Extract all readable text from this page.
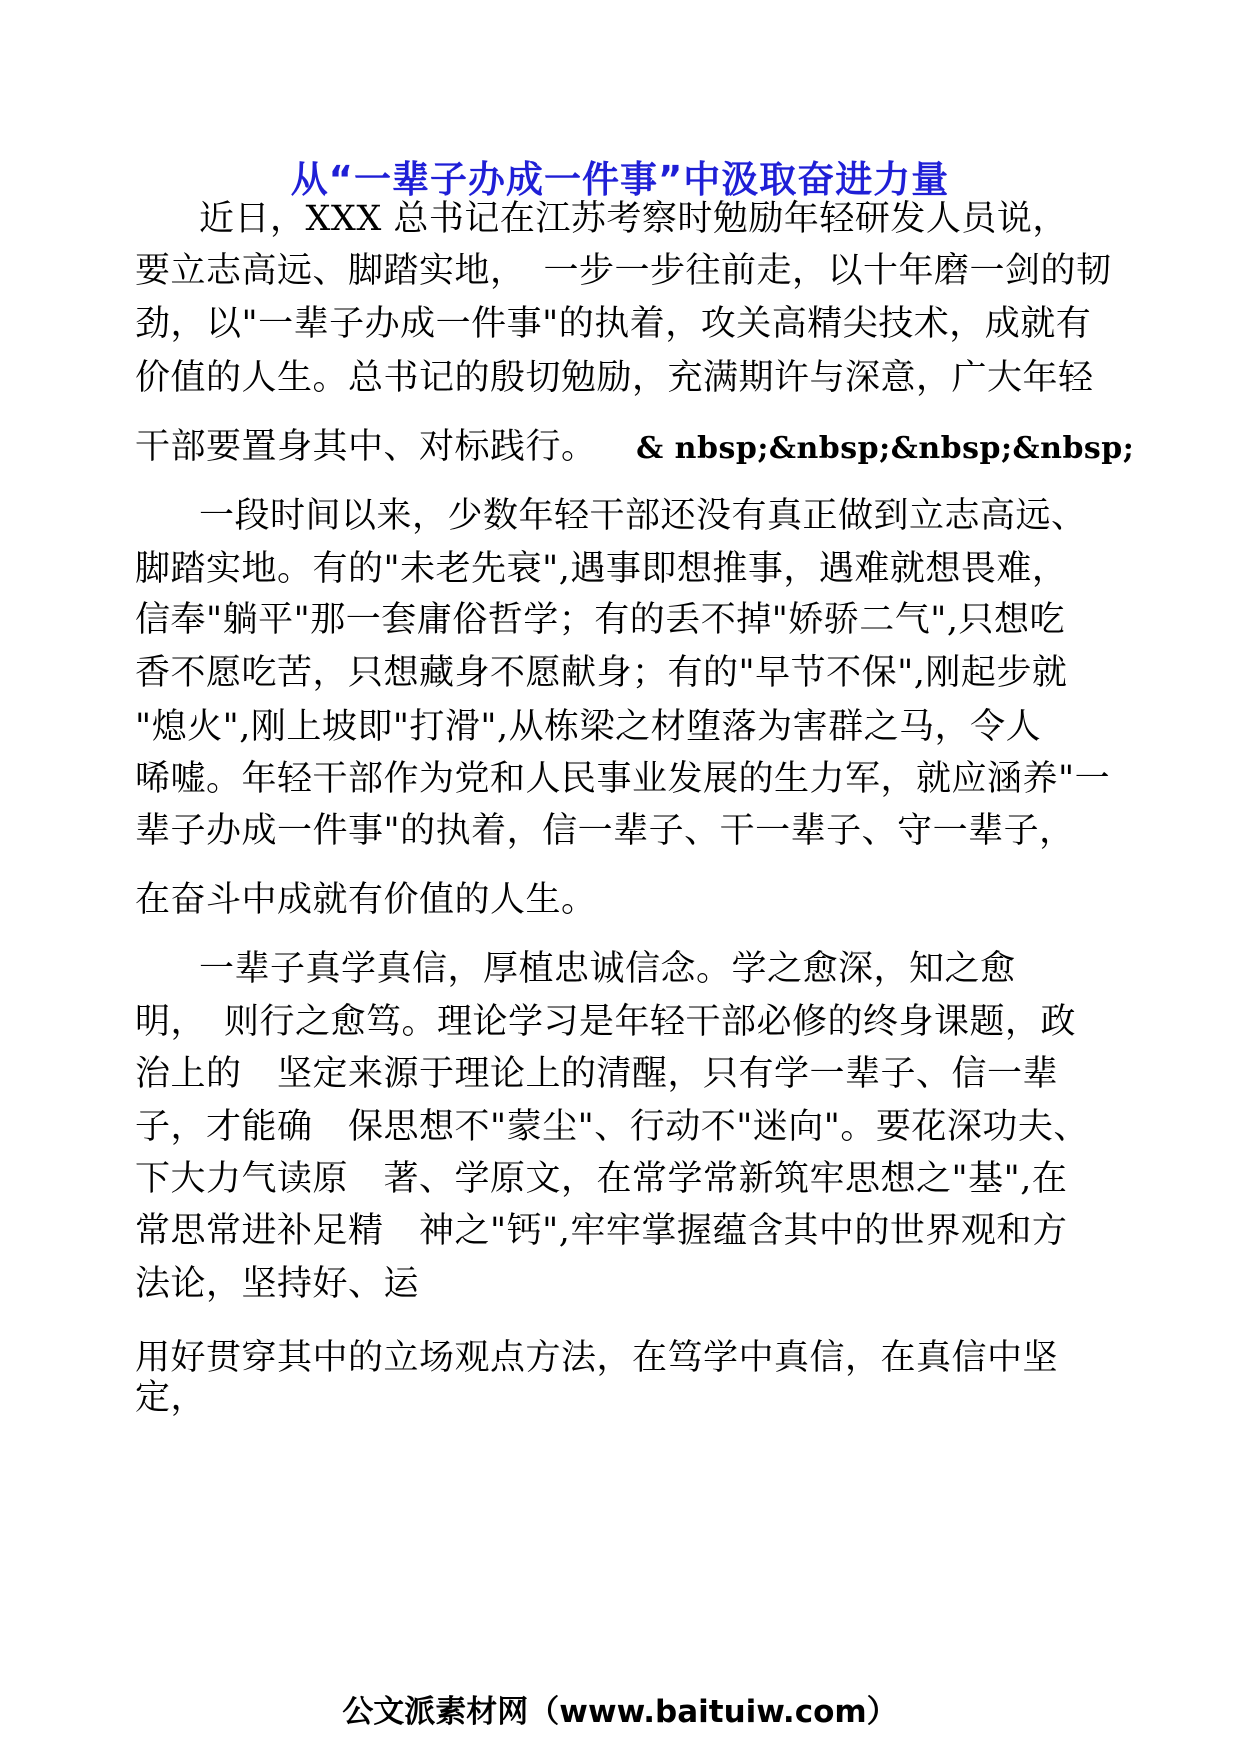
从“一辈子办成一件事”中汲取奋进力量
近日，XXX 总书记在江苏考察时勉励年轻研发人员说，
要立志高远、脚踏实地，　一步一步往前走，以十年磨一剑的韧
劲，以"一辈子办成一件事"的执着，攻关高精尖技术，成就有
价值的人生。总书记的殷切勉励，充满期许与深意，广大年轻
干部要置身其中、对标践行。 & nbsp;&nbsp;&nbsp;&nbsp;
一段时间以来，少数年轻干部还没有真正做到立志高远、
脚踏实地。有的"未老先衰",遇事即想推事，遇难就想畏难，
信奉"躺平"那一套庸俗哲学；有的丢不掉"娇骄二气",只想吃
香不愿吃苦，只想藏身不愿献身；有的"早节不保",刚起步就
"熄火",刚上坡即"打滑",从栋梁之材堕落为害群之马，令人
唏嘘。年轻干部作为党和人民事业发展的生力军，就应涵养"一
辈子办成一件事"的执着，信一辈子、干一辈子、守一辈子，
在奋斗中成就有价值的人生。
一辈子真学真信，厚植忠诚信念。学之愈深，知之愈
明，　则行之愈笃。理论学习是年轻干部必修的终身课题，政
治上的　坚定来源于理论上的清醒，只有学一辈子、信一辈
子，才能确　保思想不"蒙尘"、行动不"迷向"。要花深功夫、
下大力气读原　著、学原文，在常学常新筑牢思想之"基",在
常思常进补足精　神之"钙",牢牢掌握蕴含其中的世界观和方
法论，坚持好、运
用好贯穿其中的立场观点方法，在笃学中真信，在真信中坚
定，
公文派素材网（www.baituiw.com）
